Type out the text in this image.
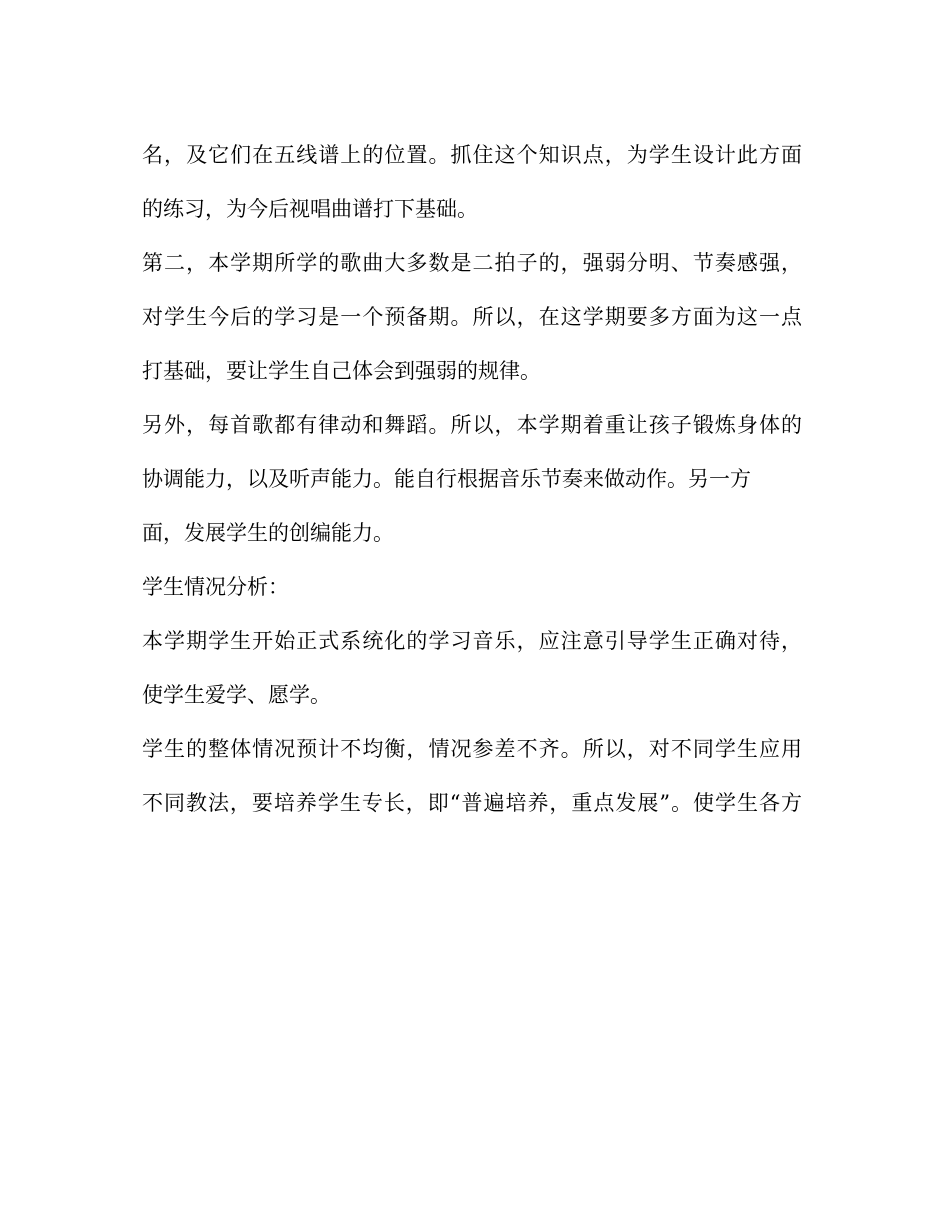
名，及它们在五线谱上的位置。抓住这个知识点，为学生设计此方面
的练习，为今后视唱曲谱打下基础。
第二，本学期所学的歌曲大多数是二拍子的，强弱分明、节奏感强，
对学生今后的学习是一个预备期。所以，在这学期要多方面为这一点
打基础，要让学生自己体会到强弱的规律。
另外，每首歌都有律动和舞蹈。所以，本学期着重让孩子锻炼身体的
协调能力，以及听声能力。能自行根据音乐节奏来做动作。另一方
面，发展学生的创编能力。
学生情况分析：
本学期学生开始正式系统化的学习音乐，应注意引导学生正确对待，
使学生爱学、愿学。
学生的整体情况预计不均衡，情况参差不齐。所以，对不同学生应用
不同教法，要培养学生专长，即“普遍培养，重点发展”。使学生各方
